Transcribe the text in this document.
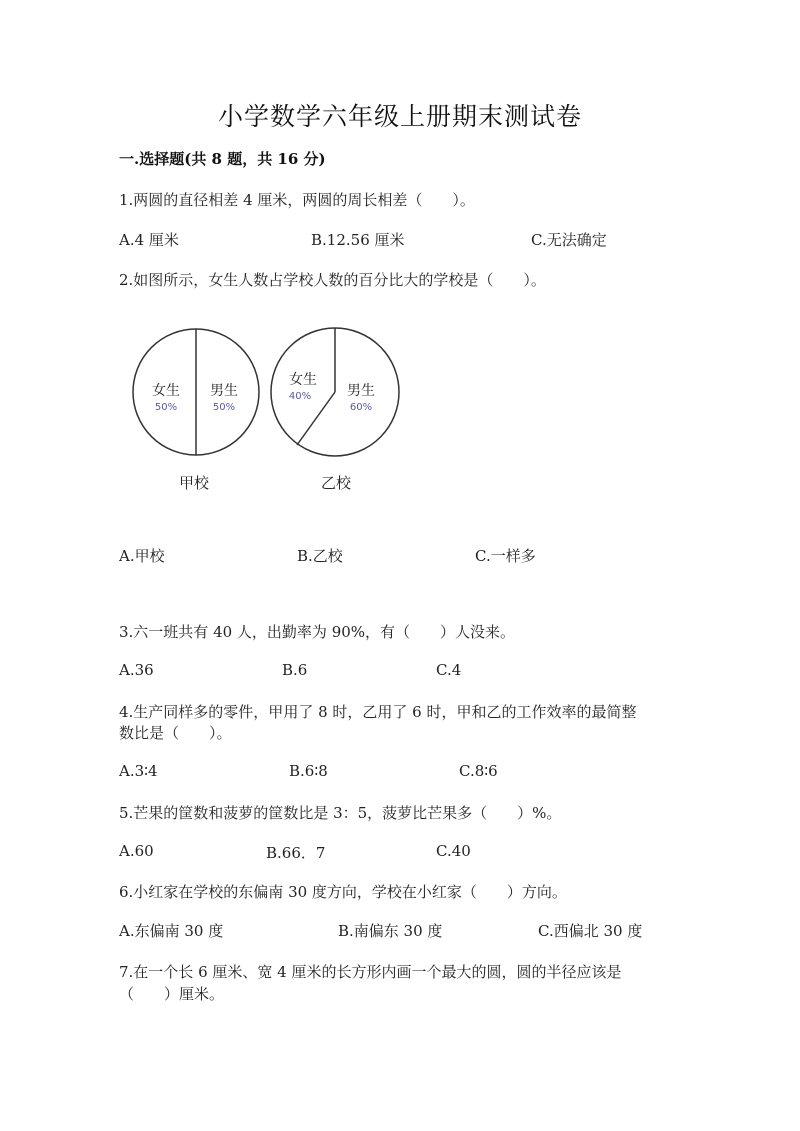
小学数学六年级上册期末测试卷
一.选择题(共 8 题，共 16 分)
1.两圆的直径相差 4 厘米，两圆的周长相差（　　）。
A.4 厘米	B.12.56 厘米	C.无法确定
2.如图所示，女生人数占学校人数的百分比大的学校是（　　）。
女生
50%
男生
50%
甲校
女生
40%	男生
60%
乙校
A.甲校	B.乙校	C.一样多
3.六一班共有 40 人，出勤率为 90%，有（　　）人没来。
A.36	B.6	C.4
4.生产同样多的零件，甲用了 8 时，乙用了 6 时，甲和乙的工作效率的最简整
数比是（　　）。
A.3∶4	B.6∶8	C.8∶6
5.芒果的筐数和菠萝的筐数比是 3：5，菠萝比芒果多（　　）%。
A.60	B.66．7	C.40
6.小红家在学校的东偏南 30 度方向，学校在小红家（　　）方向。
A.东偏南 30 度	B.南偏东 30 度	C.西偏北 30 度
7.在一个长 6 厘米、宽 4 厘米的长方形内画一个最大的圆，圆的半径应该是
（　　）厘米。
